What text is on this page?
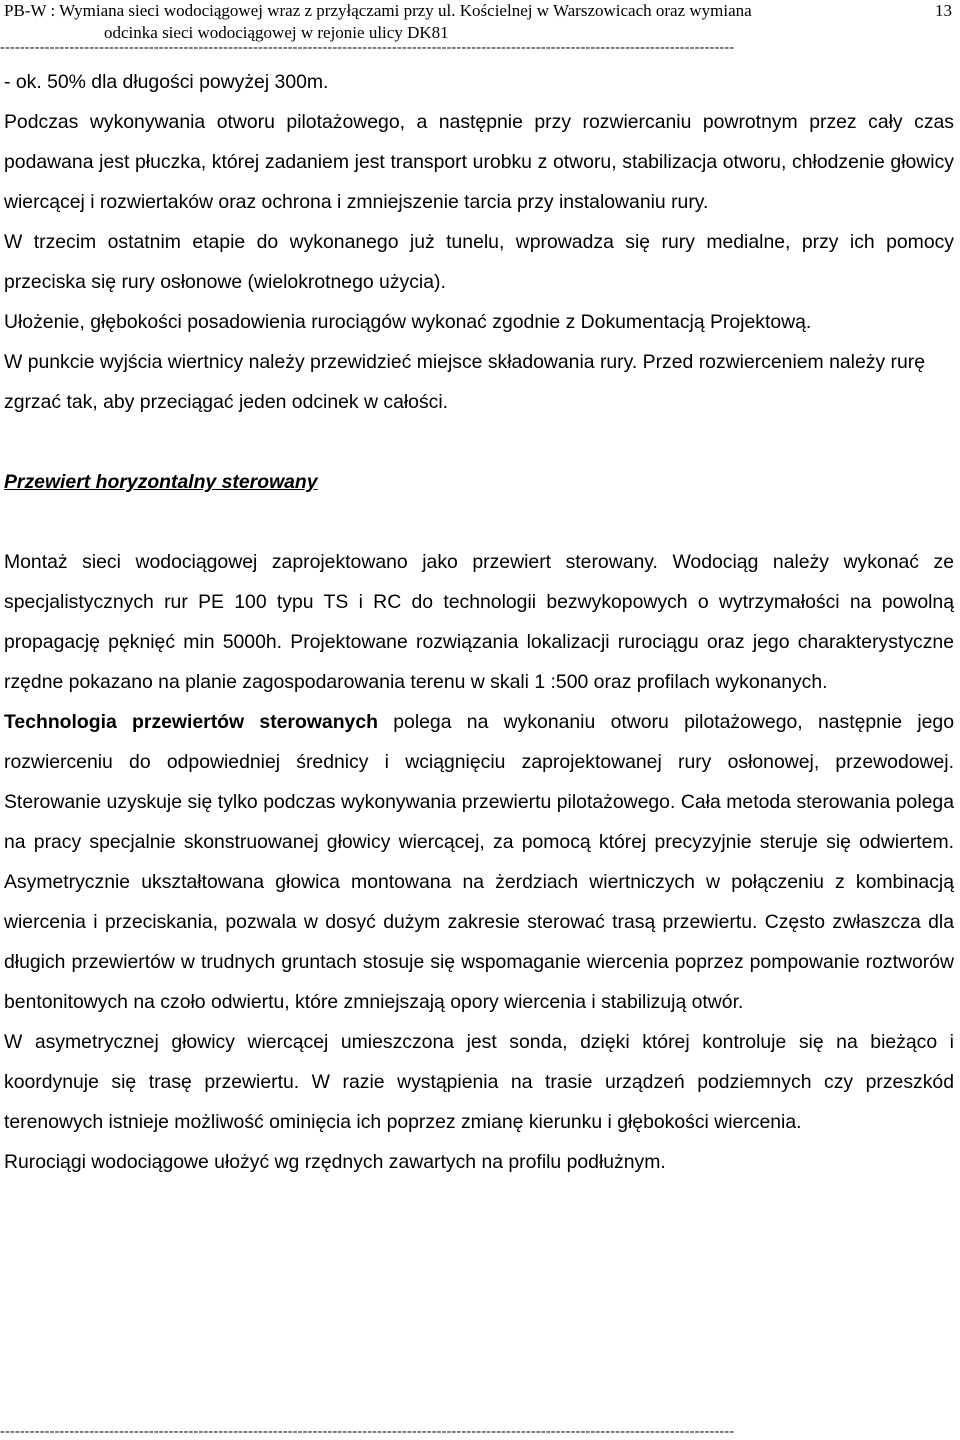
PB-W : Wymiana sieci wodociągowej wraz z przyłączami przy ul. Kościelnej w Warszowicach oraz wymiana
odcinka sieci wodociągowej w rejonie ulicy DK81
13
----------------------------------------------------------------------------------------------------------------------------------------------------

- ok. 50% dla długości powyżej 300m.

Podczas wykonywania otworu pilotażowego, a następnie przy rozwiercaniu powrotnym przez cały czas podawana jest płuczka, której zadaniem jest transport urobku z otworu, stabilizacja otworu, chłodzenie głowicy wiercącej i rozwiertaków oraz ochrona i zmniejszenie tarcia przy instalowaniu rury.

W trzecim ostatnim etapie do wykonanego już tunelu, wprowadza się rury medialne, przy ich pomocy przeciska się rury osłonowe (wielokrotnego użycia).

Ułożenie, głębokości posadowienia rurociągów wykonać zgodnie z Dokumentacją Projektową.

W punkcie wyjścia wiertnicy należy przewidzieć miejsce składowania rury. Przed rozwierceniem należy rurę zgrzać tak, aby przeciągać jeden odcinek w całości.

Przewiert horyzontalny sterowany

Montaż sieci wodociągowej zaprojektowano jako przewiert sterowany. Wodociąg należy wykonać ze specjalistycznych rur PE 100 typu TS i RC do technologii bezwykopowych o wytrzymałości na powolną propagację pęknięć min 5000h. Projektowane rozwiązania lokalizacji rurociągu oraz jego charakterystyczne rzędne pokazano na planie zagospodarowania terenu w skali 1 :500 oraz profilach wykonanych.

Technologia przewiertów sterowanych polega na wykonaniu otworu pilotażowego, następnie jego rozwierceniu do odpowiedniej średnicy i wciągnięciu zaprojektowanej rury osłonowej, przewodowej. Sterowanie uzyskuje się tylko podczas wykonywania przewiertu pilotażowego. Cała metoda sterowania polega na pracy specjalnie skonstruowanej głowicy wiercącej, za pomocą której precyzyjnie steruje się odwiertem. Asymetrycznie ukształtowana głowica montowana na żerdziach wiertniczych w połączeniu z kombinacją wiercenia i przeciskania, pozwala w dosyć dużym zakresie sterować trasą przewiertu. Często zwłaszcza dla długich przewiertów w trudnych gruntach stosuje się wspomaganie wiercenia poprzez pompowanie roztworów bentonitowych na czoło odwiertu, które zmniejszają opory wiercenia i stabilizują otwór.

W asymetrycznej głowicy wiercącej umieszczona jest sonda, dzięki której kontroluje się na bieżąco i koordynuje się trasę przewiertu. W razie wystąpienia na trasie urządzeń podziemnych czy przeszkód terenowych istnieje możliwość ominięcia ich poprzez zmianę kierunku i głębokości wiercenia.

Rurociągi wodociągowe ułożyć wg rzędnych zawartych na profilu podłużnym.

----------------------------------------------------------------------------------------------------------------------------------------------------
